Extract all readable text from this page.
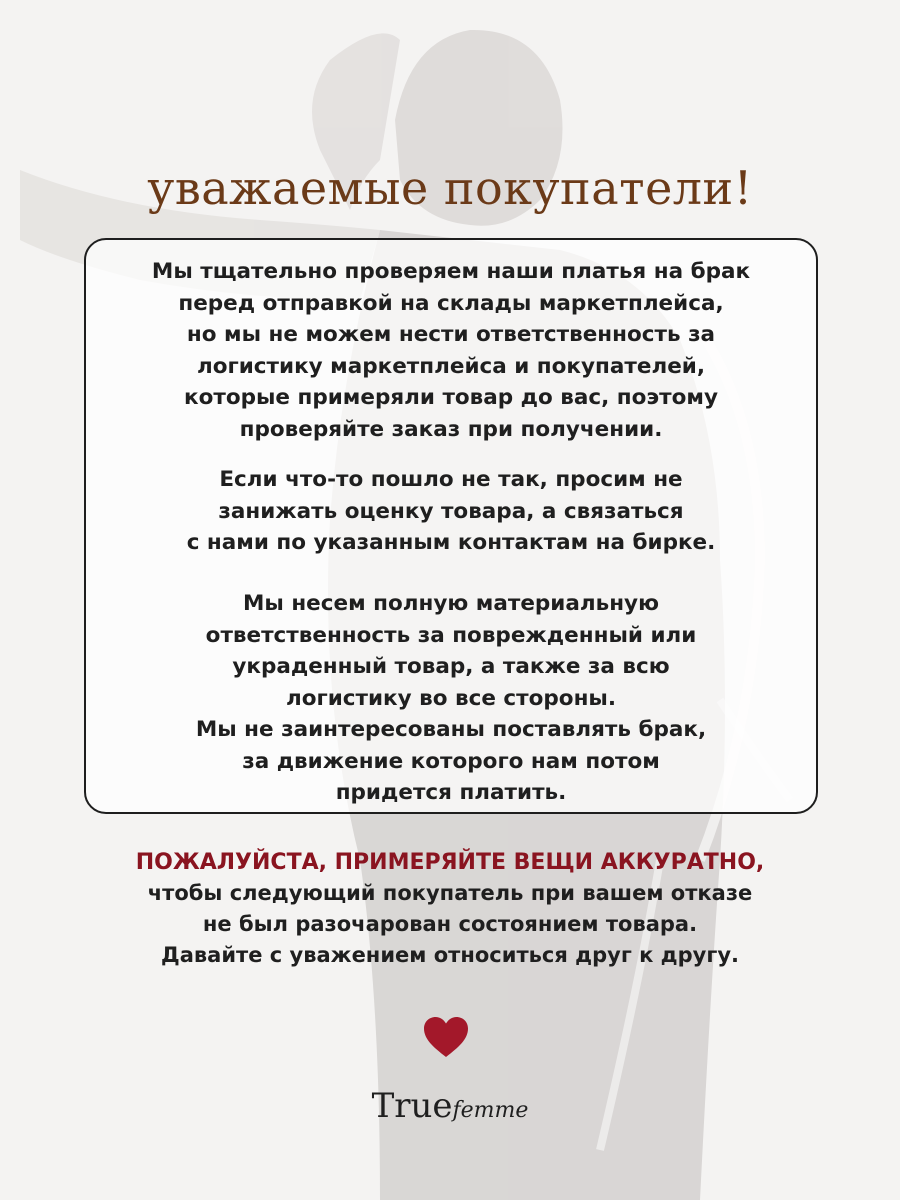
уважаемые покупатели!
Мы тщательно проверяем наши платья на брак
перед отправкой на склады маркетплейса,
но мы не можем нести ответственность за
логистику маркетплейса и покупателей,
которые примеряли товар до вас, поэтому
проверяйте заказ при получении.
Если что-то пошло не так, просим не
занижать оценку товара, а связаться
с нами по указанным контактам на бирке.
Мы несем полную материальную
ответственность за поврежденный или
украденный товар, а также за всю
логистику во все стороны.
Мы не заинтересованы поставлять брак,
за движение которого нам потом
придется платить.
ПОЖАЛУЙСТА, ПРИМЕРЯЙТЕ ВЕЩИ АККУРАТНО,
чтобы следующий покупатель при вашем отказе
не был разочарован состоянием товара.
Давайте с уважением относиться друг к другу.
Truefemme
